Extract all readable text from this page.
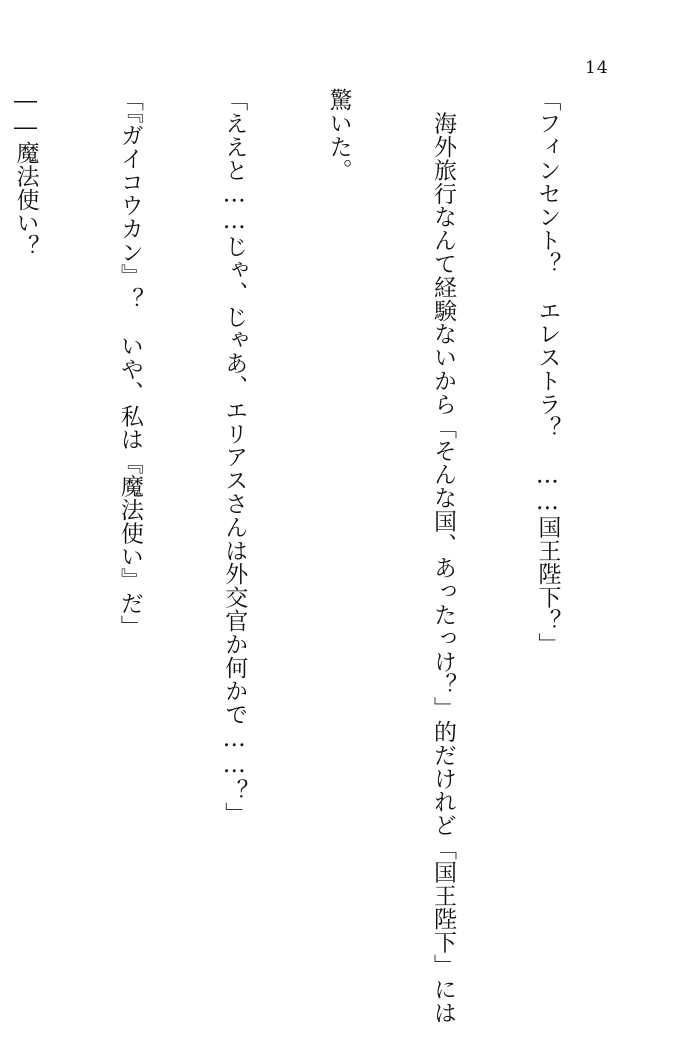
14

「フィンセント？　エレストラ？　……国王陛下？」

　海外旅行なんて経験ないから「そんな国、あったっけ？」的だけれど「国王陛下」には

驚いた。

「ええと……じゃ、じゃあ、エリアスさんは外交官か何かで……？」

「『ガイコウカン』？　いや、私は『魔法使い』だ」

――魔法使い？
